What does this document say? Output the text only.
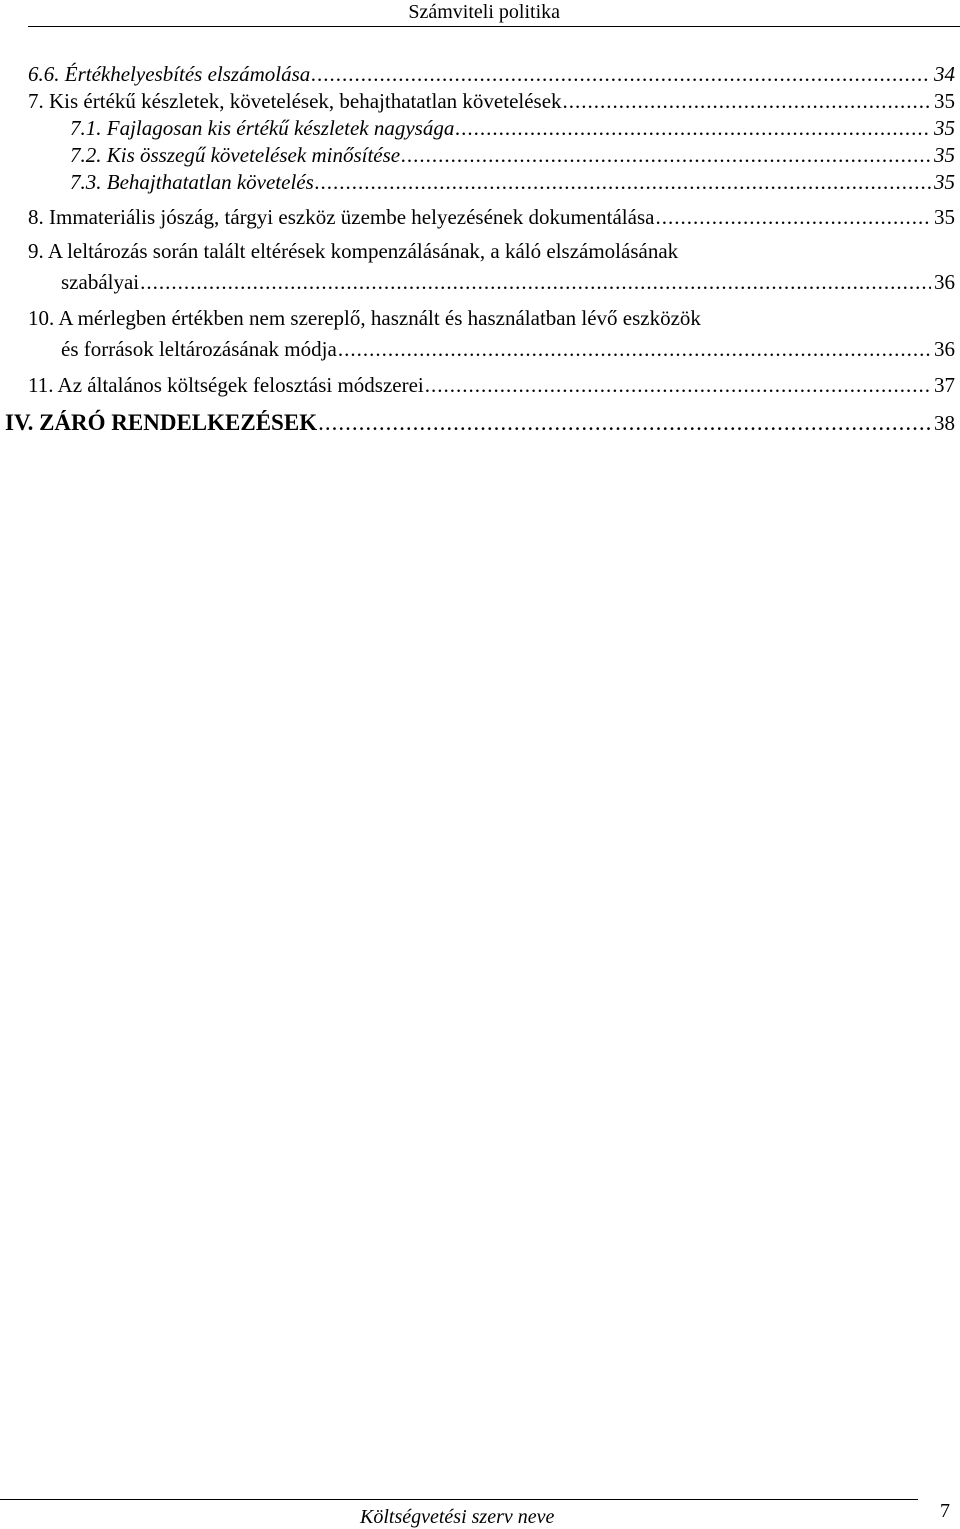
Számviteli politika
6.6. Értékhelyesbítés elszámolása .....	34
7. Kis értékű készletek, követelések, behajthatatlan követelések .....	35
7.1. Fajlagosan kis értékű készletek nagysága .....	35
7.2. Kis összegű követelések minősítése .....	35
7.3. Behajthatatlan követelés .....	35
8. Immateriális jószág, tárgyi eszköz üzembe helyezésének dokumentálása .....	35
9. A leltározás során talált eltérések kompenzálásának, a káló elszámolásának
szabályai .....	36
10. A mérlegben értékben nem szereplő, használt és használatban lévő eszközök
és források leltározásának módja .....	36
11. Az általános költségek felosztási módszerei .....	37
IV. ZÁRÓ RENDELKEZÉSEK .....	38
Költségvetési szerv neve	7
